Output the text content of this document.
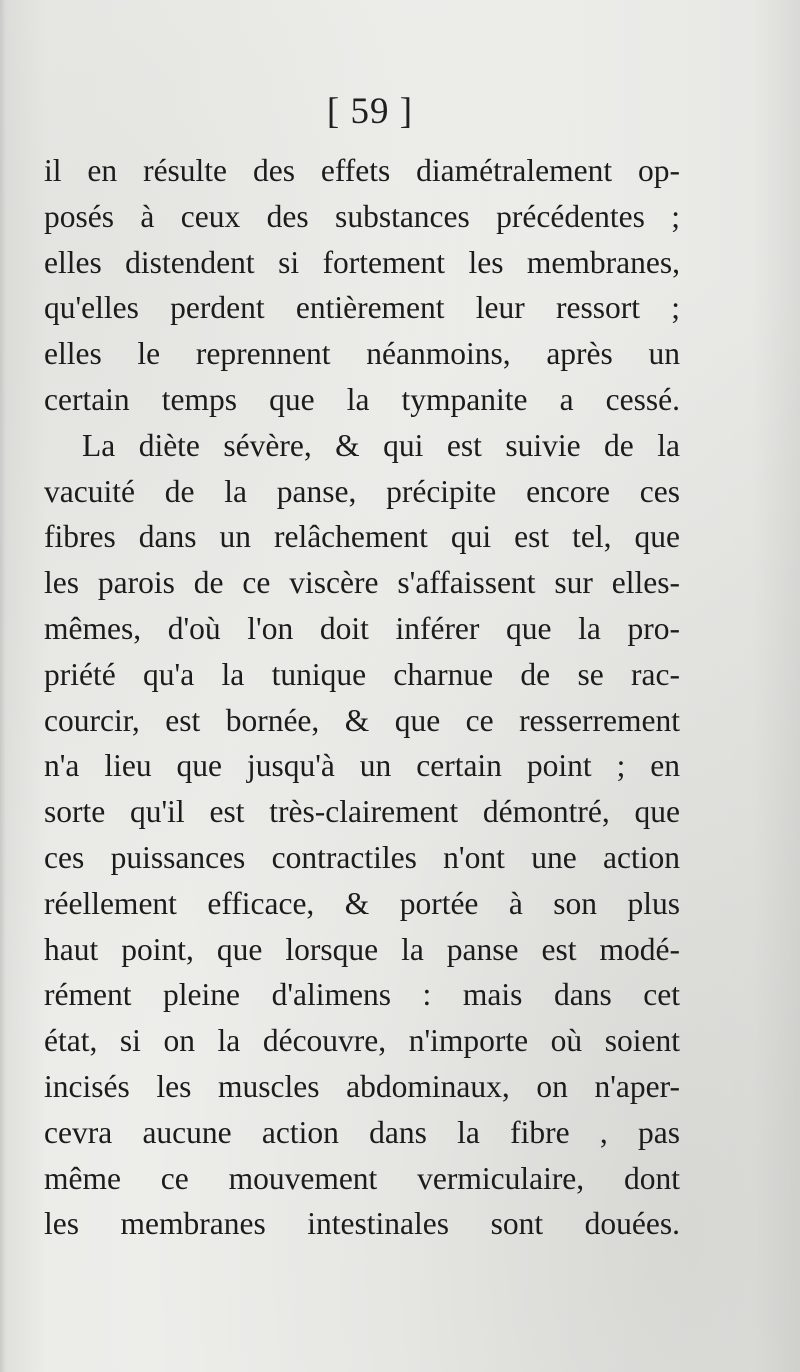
[ 59 ]
il en résulte des effets diamétralement op-
posés à ceux des substances précédentes ;
elles distendent si fortement les membranes,
qu'elles perdent entièrement leur ressort ;
elles le reprennent néanmoins, après un
certain temps que la tympanite a cessé.
La diète sévère, & qui est suivie de la
vacuité de la panse, précipite encore ces
fibres dans un relâchement qui est tel, que
les parois de ce viscère s'affaissent sur elles-
mêmes, d'où l'on doit inférer que la pro-
priété qu'a la tunique charnue de se rac-
courcir, est bornée, & que ce resserrement
n'a lieu que jusqu'à un certain point ; en
sorte qu'il est très-clairement démontré, que
ces puissances contractiles n'ont une action
réellement efficace, & portée à son plus
haut point, que lorsque la panse est modé-
rément pleine d'alimens : mais dans cet
état, si on la découvre, n'importe où soient
incisés les muscles abdominaux, on n'aper-
cevra aucune action dans la fibre , pas
même ce mouvement vermiculaire, dont
les membranes intestinales sont douées.
